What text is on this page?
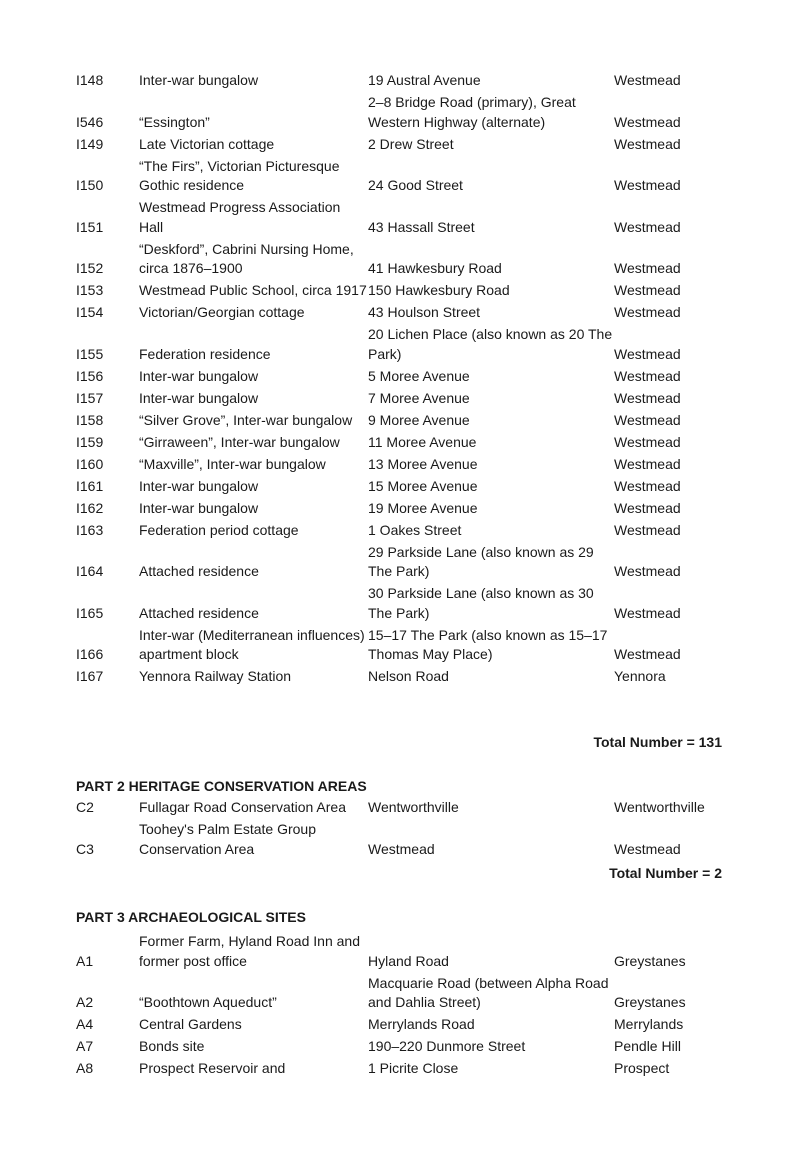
I148	Inter-war bungalow	19 Austral Avenue	Westmead
I546	“Essington”	2–8 Bridge Road (primary), Great Western Highway (alternate)	Westmead
I149	Late Victorian cottage	2 Drew Street	Westmead
I150	“The Firs”, Victorian Picturesque Gothic residence	24 Good Street	Westmead
I151	Westmead Progress Association Hall	43 Hassall Street	Westmead
I152	“Deskford”, Cabrini Nursing Home, circa 1876–1900	41 Hawkesbury Road	Westmead
I153	Westmead Public School, circa 1917	150 Hawkesbury Road	Westmead
I154	Victorian/Georgian cottage	43 Houlson Street	Westmead
I155	Federation residence	20 Lichen Place (also known as 20 The Park)	Westmead
I156	Inter-war bungalow	5 Moree Avenue	Westmead
I157	Inter-war bungalow	7 Moree Avenue	Westmead
I158	“Silver Grove”, Inter-war bungalow	9 Moree Avenue	Westmead
I159	“Girraween”, Inter-war bungalow	11 Moree Avenue	Westmead
I160	“Maxville”, Inter-war bungalow	13 Moree Avenue	Westmead
I161	Inter-war bungalow	15 Moree Avenue	Westmead
I162	Inter-war bungalow	19 Moree Avenue	Westmead
I163	Federation period cottage	1 Oakes Street	Westmead
I164	Attached residence	29 Parkside Lane (also known as 29 The Park)	Westmead
I165	Attached residence	30 Parkside Lane (also known as 30 The Park)	Westmead
I166	Inter-war (Mediterranean influences) apartment block	15–17 The Park (also known as 15–17 Thomas May Place)	Westmead
I167	Yennora Railway Station	Nelson Road	Yennora
Total Number = 131
PART 2 HERITAGE CONSERVATION AREAS
C2	Fullagar Road Conservation Area	Wentworthville	Wentworthville
C3	Toohey's Palm Estate Group Conservation Area	Westmead	Westmead
Total Number = 2
PART 3 ARCHAEOLOGICAL SITES
A1	Former Farm, Hyland Road Inn and former post office	Hyland Road	Greystanes
A2	“Boothtown Aqueduct”	Macquarie Road (between Alpha Road and Dahlia Street)	Greystanes
A4	Central Gardens	Merrylands Road	Merrylands
A7	Bonds site	190–220 Dunmore Street	Pendle Hill
A8	Prospect Reservoir and	1 Picrite Close	Prospect
